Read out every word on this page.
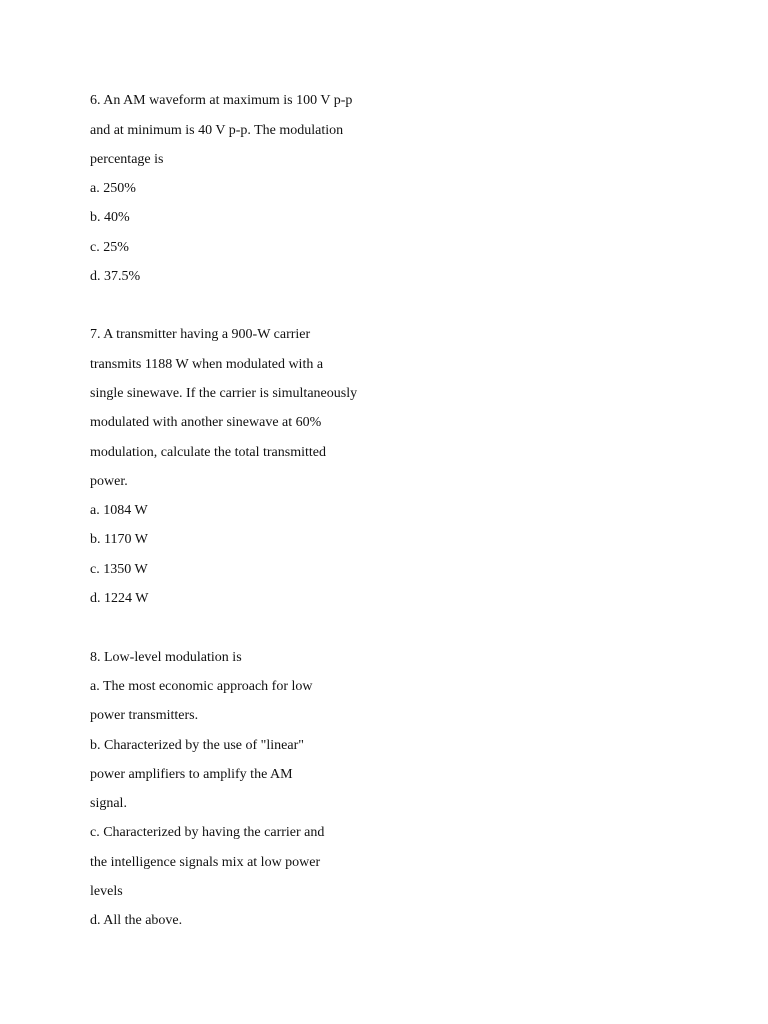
6. An AM waveform at maximum is 100 V p-p
and at minimum is 40 V p-p. The modulation
percentage is
a. 250%
b. 40%
c. 25%
d. 37.5%
7. A transmitter having a 900-W carrier
transmits 1188 W when modulated with a
single sinewave. If the carrier is simultaneously
modulated with another sinewave at 60%
modulation, calculate the total transmitted
power.
a. 1084 W
b. 1170 W
c. 1350 W
d. 1224 W
8. Low-level modulation is
a. The most economic approach for low
power transmitters.
b. Characterized by the use of "linear"
power amplifiers to amplify the AM
signal.
c. Characterized by having the carrier and
the intelligence signals mix at low power
levels
d. All the above.
